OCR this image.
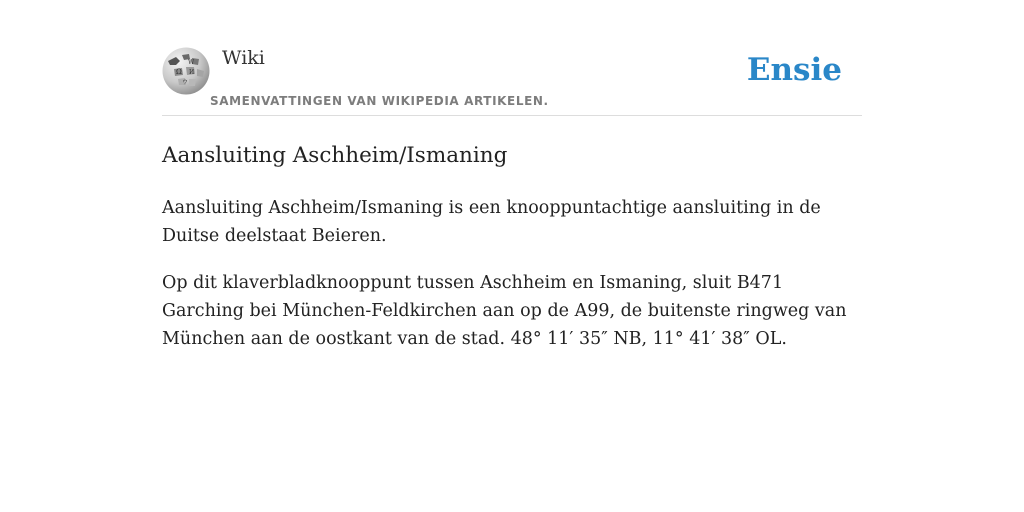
Ω
W
И
ウ
Wiki
SAMENVATTINGEN VAN WIKIPEDIA ARTIKELEN.
Ensie
Aansluiting Aschheim/Ismaning

Aansluiting Aschheim/Ismaning is een knooppuntachtige aansluiting in de Duitse deelstaat Beieren.

Op dit klaverbladknooppunt tussen Aschheim en Ismaning, sluit B471 Garching bei München-Feldkirchen aan op de A99, de buitenste ringweg van München aan de oostkant van de stad. 48° 11′ 35″ NB, 11° 41′ 38″ OL.
